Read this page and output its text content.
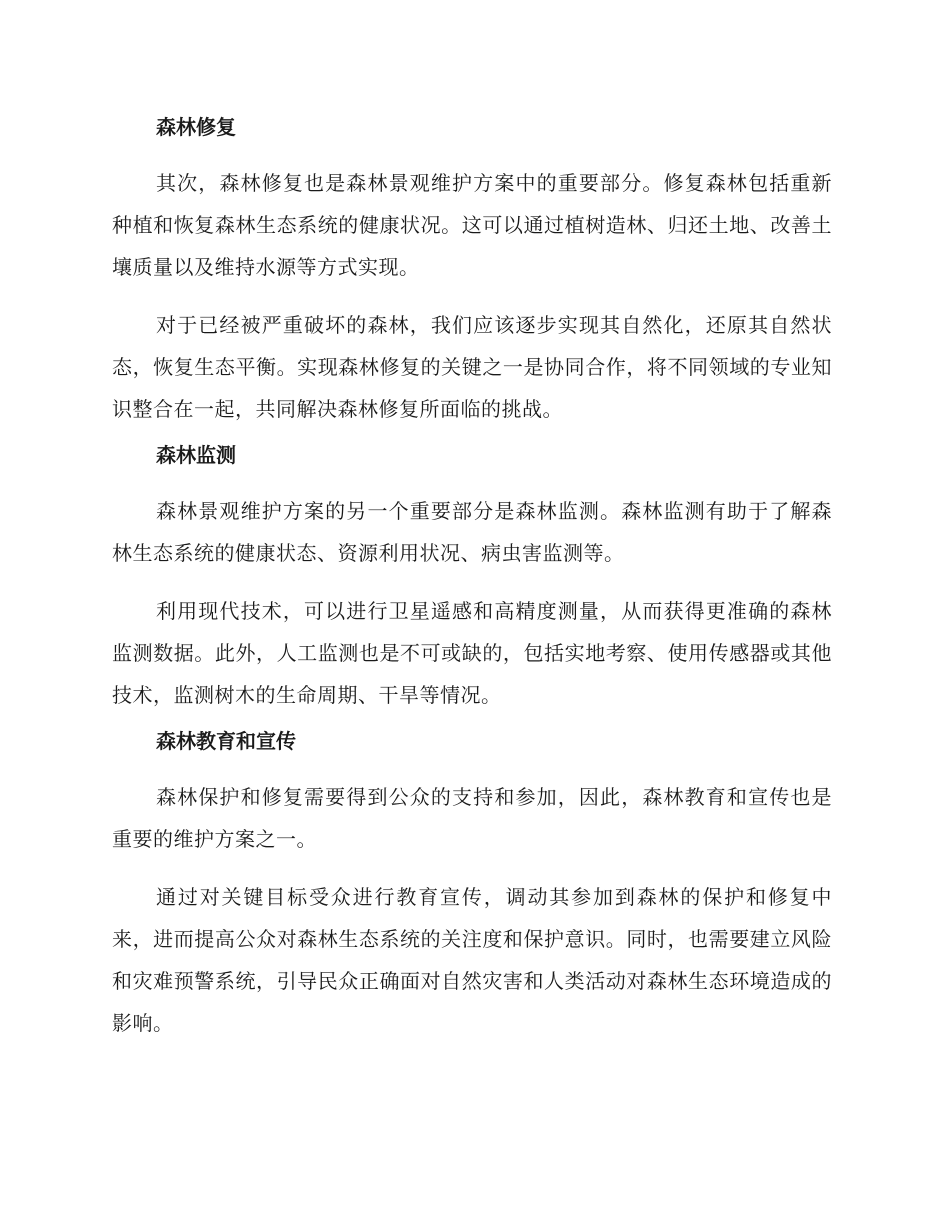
森林修复

其次，森林修复也是森林景观维护方案中的重要部分。修复森林包括重新种植和恢复森林生态系统的健康状况。这可以通过植树造林、归还土地、改善土壤质量以及维持水源等方式实现。

对于已经被严重破坏的森林，我们应该逐步实现其自然化，还原其自然状态，恢复生态平衡。实现森林修复的关键之一是协同合作，将不同领域的专业知识整合在一起，共同解决森林修复所面临的挑战。

森林监测

森林景观维护方案的另一个重要部分是森林监测。森林监测有助于了解森林生态系统的健康状态、资源利用状况、病虫害监测等。

利用现代技术，可以进行卫星遥感和高精度测量，从而获得更准确的森林监测数据。此外，人工监测也是不可或缺的，包括实地考察、使用传感器或其他技术，监测树木的生命周期、干旱等情况。

森林教育和宣传

森林保护和修复需要得到公众的支持和参加，因此，森林教育和宣传也是重要的维护方案之一。

通过对关键目标受众进行教育宣传，调动其参加到森林的保护和修复中来，进而提高公众对森林生态系统的关注度和保护意识。同时，也需要建立风险和灾难预警系统，引导民众正确面对自然灾害和人类活动对森林生态环境造成的影响。
